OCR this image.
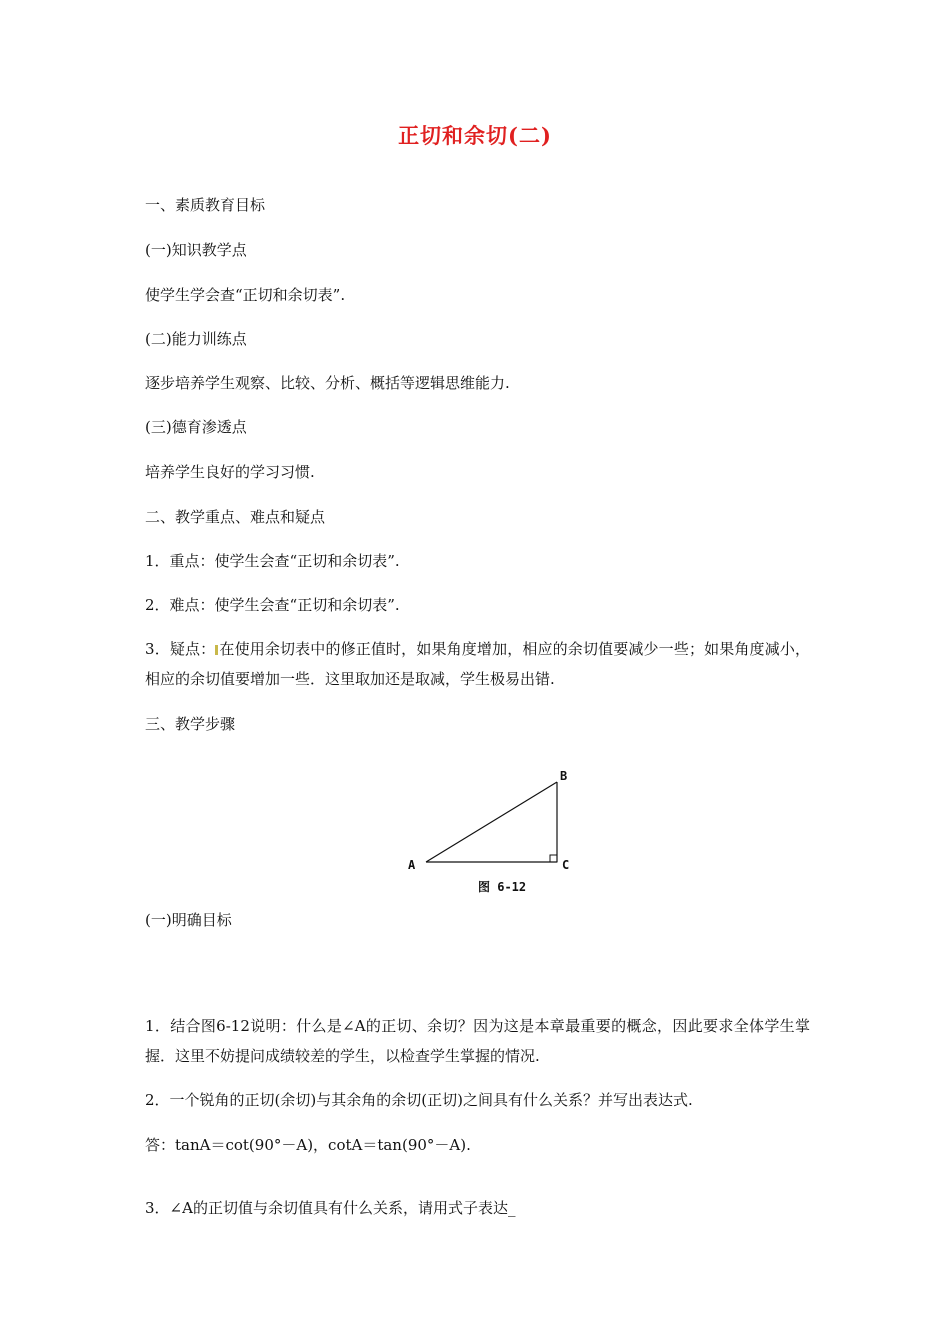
正切和余切(二)
一、素质教育目标
(一)知识教学点
使学生学会查“正切和余切表”.
(二)能力训练点
逐步培养学生观察、比较、分析、概括等逻辑思维能力.
(三)德育渗透点
培养学生良好的学习习惯.
二、教学重点、难点和疑点
1．重点：使学生会查“正切和余切表”.
2．难点：使学生会查“正切和余切表”.
3．疑点： 在使用余切表中的修正值时，如果角度增加，相应的余切值要减少一些；如果角度减小，相应的余切值要增加一些．这里取加还是取减，学生极易出错.
三、教学步骤
A
B
C
图 6-12
(一)明确目标
1．结合图6-12说明：什么是∠A的正切、余切？因为这是本章最重要的概念，因此要求全体学生掌握．这里不妨提问成绩较差的学生，以检查学生掌握的情况.
2．一个锐角的正切(余切)与其余角的余切(正切)之间具有什么关系？并写出表达式.
答：tanA＝cot(90°－A)，cotA＝tan(90°－A).
3．∠A的正切值与余切值具有什么关系，请用式子表达_
